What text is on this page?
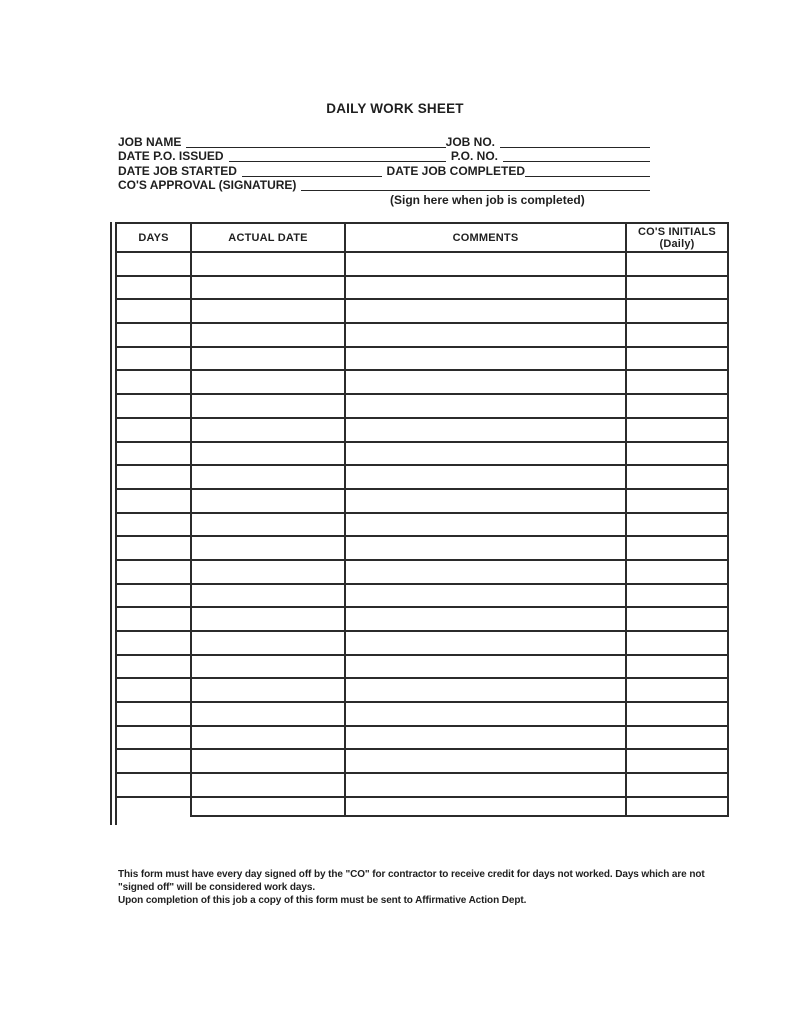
DAILY WORK SHEET
JOB NAME	JOB NO.
DATE P.O. ISSUED	P.O. NO.
DATE JOB STARTED	DATE JOB COMPLETED
CO'S APPROVAL (SIGNATURE)
(Sign here when job is completed)
DAYS	ACTUAL DATE	COMMENTS	CO'S INITIALS
(Daily)

This form must have every day signed off by the "CO" for contractor to receive credit for days not worked. Days which are not
"signed off" will be considered work days.
Upon completion of this job a copy of this form must be sent to Affirmative Action Dept.
